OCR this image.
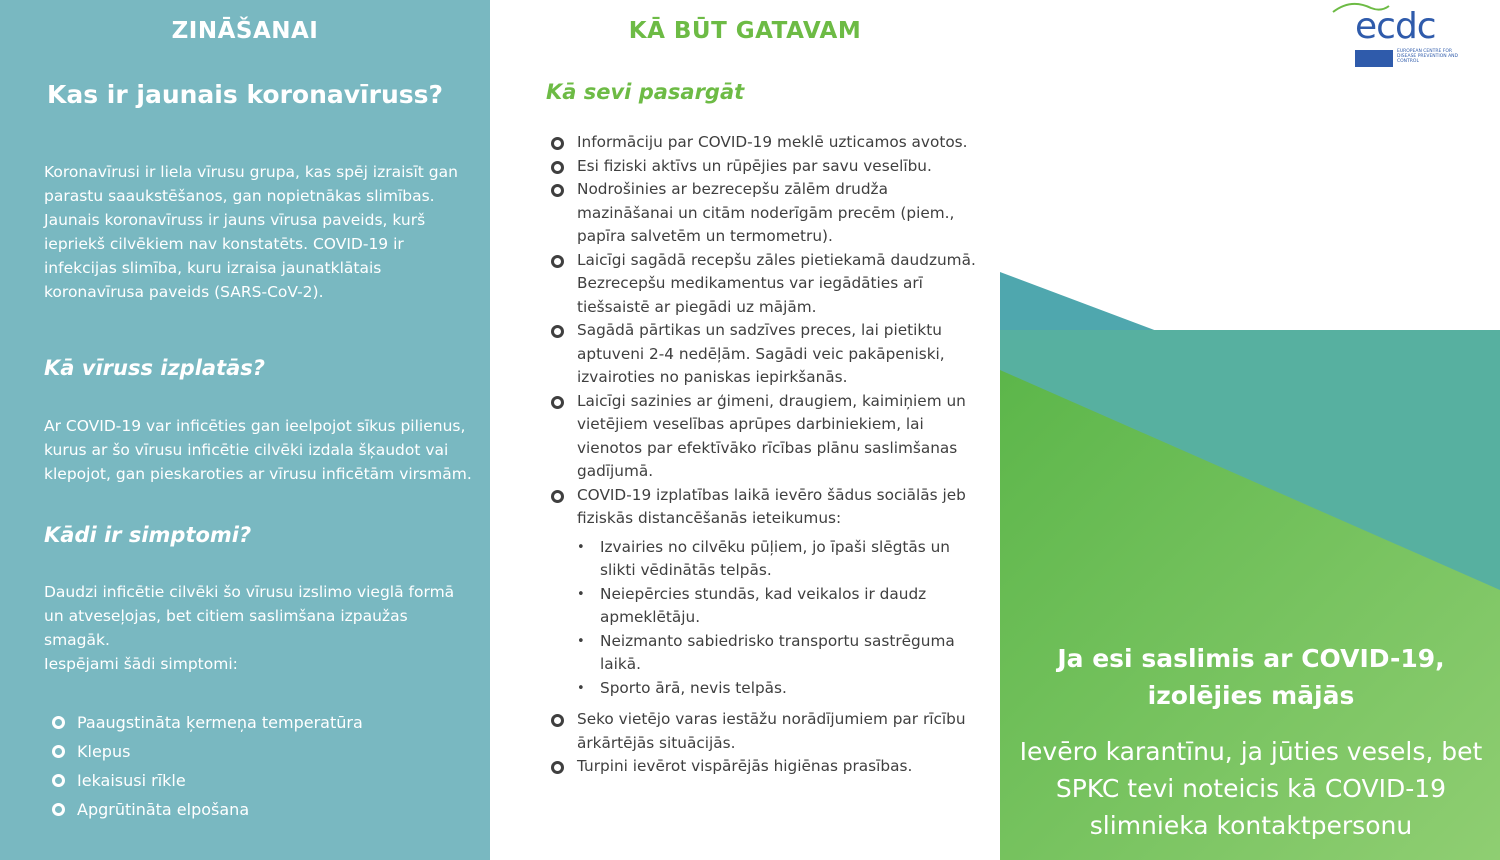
ZINĀŠANAI
Kas ir jaunais koronavīruss?

Koronavīrusi ir liela vīrusu grupa, kas spēj izraisīt gan parastu saaukstēšanos, gan nopietnākas slimības. Jaunais koronavīruss ir jauns vīrusa paveids, kurš iepriekš cilvēkiem nav konstatēts. COVID-19 ir infekcijas slimība, kuru izraisa jaunatklātais koronavīrusa paveids (SARS-CoV-2).

Kā vīruss izplatās?

Ar COVID-19 var inficēties gan ieelpojot sīkus pilienus, kurus ar šo vīrusu inficētie cilvēki izdala šķaudot vai klepojot, gan pieskaroties ar vīrusu inficētām virsmām.

Kādi ir simptomi?

Daudzi inficētie cilvēki šo vīrusu izslimo vieglā formā un atveseļojas, bet citiem saslimšana izpaužas smagāk.

Iespējami šādi simptomi:

Paaugstināta ķermeņa temperatūra
Klepus
Iekaisusi rīkle
Apgrūtināta elpošana
KĀ BŪT GATAVAM
Kā sevi pasargāt
Informāciju par COVID-19 meklē uzticamos avotos.
Esi fiziski aktīvs un rūpējies par savu veselību.
Nodrošinies ar bezrecepšu zālēm drudža mazināšanai un citām noderīgām precēm (piem., papīra salvetēm un termometru).
Laicīgi sagādā recepšu zāles pietiekamā daudzumā. Bezrecepšu medikamentus var iegādāties arī tiešsaistē ar piegādi uz mājām.
Sagādā pārtikas un sadzīves preces, lai pietiktu aptuveni 2-4 nedēļām. Sagādi veic pakāpeniski, izvairoties no paniskas iepirkšanās.
Laicīgi sazinies ar ģimeni, draugiem, kaimiņiem un vietējiem veselības aprūpes darbiniekiem, lai vienotos par efektīvāko rīcības plānu saslimšanas gadījumā.
COVID-19 izplatības laikā ievēro šādus sociālās jeb fiziskās distancēšanās ieteikumus:
• Izvairies no cilvēku pūļiem, jo īpaši slēgtās un slikti vēdinātās telpās.
• Neiepērcies stundās, kad veikalos ir daudz apmeklētāju.
• Neizmanto sabiedrisko transportu sastrēguma laikā.
• Sporto ārā, nevis telpās.
Seko vietējo varas iestāžu norādījumiem par rīcību ārkārtējās situācijās.
Turpini ievērot vispārējās higiēnas prasības.
ecdc
EUROPEAN CENTRE FOR DISEASE PREVENTION AND CONTROL
Ja esi saslimis ar COVID-19, izolējies mājās

Ievēro karantīnu, ja jūties vesels, bet SPKC tevi noteicis kā COVID-19 slimnieka kontaktpersonu
